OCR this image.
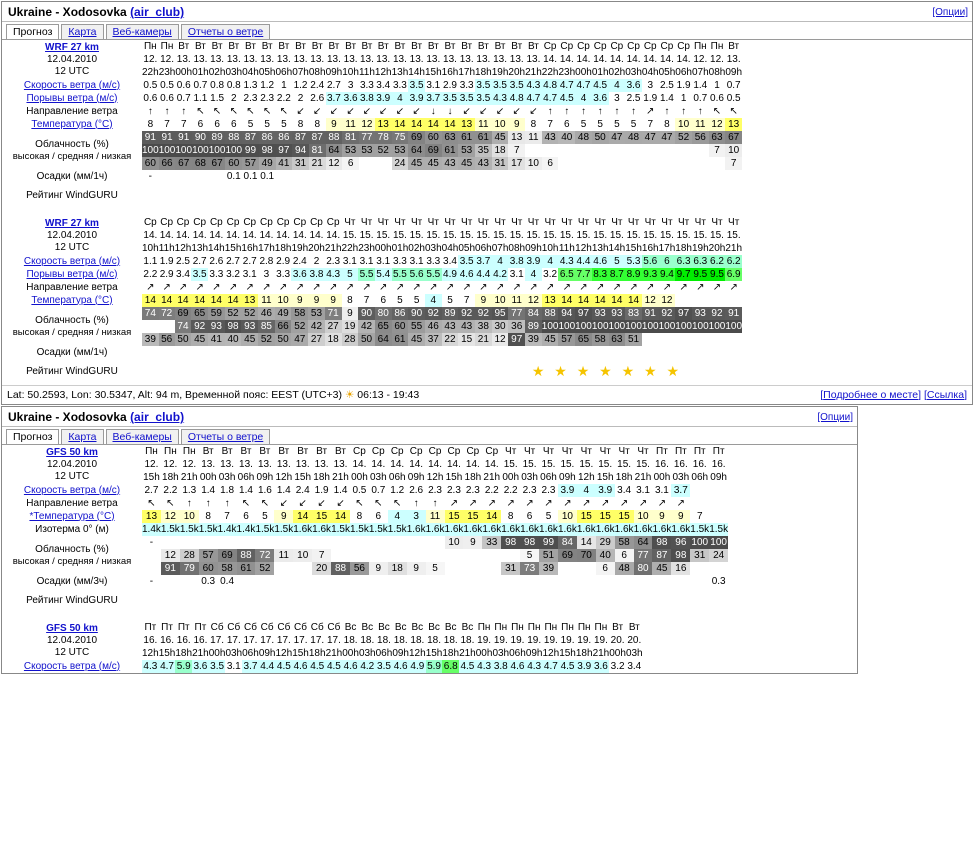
Ukraine - Xodosovka (air_club)	[Опции]
Прогноз	Карта	Веб-камеры	Отчеты о ветре
WRF 27 km
12.04.2010
12 UTC	Пн	Пн	Вт	Вт	Вт	Вт	Вт	Вт	Вт	Вт	Вт	Вт	Вт	Вт	Вт	Вт	Вт	Вт	Вт	Вт	Вт	Вт	Вт	Вт	Ср	Ср	Ср	Ср	Ср	Ср	Ср	Ср	Ср	Пн	Пн	Вт
	12.	12.	13.	13.	13.	13.	13.	13.	13.	13.	13.	13.	13.	13.	13.	13.	13.	13.	13.	13.	13.	13.	13.	13.	14.	14.	14.	14.	14.	14.	14.	14.	14.	12.	12.	13.
	22h	23h	00h	01h	02h	03h	04h	05h	06h	07h	08h	09h	10h	11h	12h	13h	14h	15h	16h	17h	18h	19h	20h	21h	22h	23h	00h	01h	02h	03h	04h	05h	06h	07h	08h	09h
Скорость ветра (м/с)	0.5	0.5	0.6	0.7	0.8	0.8	1.3	1.2	1	1.2	2.4	2.7	3	3.3	3.4	3.3	3.5	3.1	2.9	3.3	3.5	3.5	3.5	4.3	4.8	4.7	4.7	4.5	4	3.6	3	2.5	1.9	1.4	1	0.7
Порывы ветра (м/с)	0.6	0.6	0.7	1.1	1.5	2	2.3	2.3	2.2	2	2.6	3.7	3.6	3.8	3.9	4	3.9	3.7	3.5	3.5	3.5	4.3	4.8	4.7	4.7	4.5	4	3.6	3	2.5	1.9	1.4	1	0.7	0.6	0.5
Направление ветра	↑	↑	↑	↖	↖	↖	↖	↖	↖	↙	↙	↙	↙	↙	↙	↙	↙	↓	↓	↙	↙	↙	↙	↙	↑	↑	↑	↑	↑	↑	↗	↑	↑	↑	↖	↖
Температура (°C)	8	7	7	6	6	6	5	5	5	8	8	9	11	12	13	14	14	14	14	13	11	10	9	8	7	6	5	5	5	5	7	8	10	11	12	13
Облачность (%)
высокая / средняя / низкая	91	91	91	90	89	88	87	86	86	87	87	88	81	77	78	75	69	60	63	61	61	45	13	11	43	40	48	50	47	48	47	47	52	56	63	67
	100	100	100	100	100	100	99	98	97	94	81	64	53	53	52	53	64	69	61	53	35	18	7												7	10
	60	66	67	68	67	60	57	49	41	31	21	12	6			24	45	45	43	45	43	31	17	10	6											7
Осадки (мм/1ч)	-					0.1	0.1	0.1																												
Рейтинг WindGURU																																				
WRF 27 km
12.04.2010
12 UTC	Ср	Ср	Ср	Ср	Ср	Ср	Ср	Ср	Ср	Ср	Ср	Ср	Чт	Чт	Чт	Чт	Чт	Чт	Чт	Чт	Чт	Чт	Чт	Чт	Чт	Чт	Чт	Чт	Чт	Чт	Чт	Чт	Чт	Чт	Чт	Чт
	14.	14.	14.	14.	14.	14.	14.	14.	14.	14.	14.	14.	15.	15.	15.	15.	15.	15.	15.	15.	15.	15.	15.	15.	15.	15.	15.	15.	15.	15.	15.	15.	15.	15.	15.	15.
	10h	11h	12h	13h	14h	15h	16h	17h	18h	19h	20h	21h	22h	23h	00h	01h	02h	03h	04h	05h	06h	07h	08h	09h	10h	11h	12h	13h	14h	15h	16h	17h	18h	19h	20h	21h
Скорость ветра (м/с)	1.1	1.9	2.5	2.7	2.6	2.7	2.7	2.8	2.9	2.4	2	2.3	3.1	3.1	3.1	3.3	3.1	3.3	3.4	3.5	3.7	4	3.8	3.9	4	4.3	4.4	4.6	5	5.3	5.6	6	6.3	6.3	6.2	6.2
Порывы ветра (м/с)	2.2	2.9	3.4	3.5	3.3	3.2	3.1	3	3.3	3.6	3.8	4.3	5	5.5	5.4	5.5	5.6	5.5	4.9	4.6	4.4	4.2	3.1	4	3.2	6.5	7.7	8.3	8.7	8.9	9.3	9.4	9.7	9.5	9.5	6.9
Направление ветра	↗	↗	↗	↗	↗	↗	↗	↗	↗	↗	↗	↗	↗	↗	↗	↗	↗	↗	↗	↗	↗	↗	↗	↗	↗	↗	↗	↗	↗	↗	↗	↗	↗	↗	↗	↗
Температура (°C)	14	14	14	14	14	14	13	11	10	9	9	9	8	7	6	5	5	4	5	7	9	10	11	12	13	14	14	14	14	14	12	12				
Облачность (%)
высокая / средняя / низкая	74	72	69	65	59	52	52	46	49	58	53	71	9	90	80	86	90	92	89	92	92	95	77	84	88	94	97	93	93	83	91	92	97	93	92	91
			74	92	93	98	93	85	66	52	42	27	19	42	65	60	55	46	43	43	38	30	36	89	100	100	100	100	100	100	100	100	100	100	100	100
	39	56	50	45	41	40	45	52	50	47	27	18	28	50	64	61	45	37	22	15	21	12	97	39	45	57	65	58	63	51						
Осадки (мм/1ч)																																				
Рейтинг WindGURU	★ ★ ★ ★ ★ ★ ★																																			
Lat: 50.2593, Lon: 30.5347, Alt: 94 m, Временной пояс: EEST (UTC+3) ☀ 06:13 - 19:43	[Подробнее о месте] [Ссылка]
Ukraine - Xodosovka (air_club)	[Опции]
Прогноз	Карта	Веб-камеры	Отчеты о ветре
GFS 50 km
12.04.2010
12 UTC	Пн	Пн	Пн	Вт	Вт	Вт	Вт	Вт	Вт	Вт	Вт	Ср	Ср	Ср	Ср	Ср	Ср	Ср	Ср	Чт	Чт	Чт	Чт	Чт	Чт	Чт	Чт	Пт	Пт	Пт	Пт
	12.	12.	12.	13.	13.	13.	13.	13.	13.	13.	13.	14.	14.	14.	14.	14.	14.	14.	14.	15.	15.	15.	15.	15.	15.	15.	15.	16.	16.	16.	16.
	15h	18h	21h	00h	03h	06h	09h	12h	15h	18h	21h	00h	03h	06h	09h	12h	15h	18h	21h	00h	03h	06h	09h	12h	15h	18h	21h	00h	03h	06h	09h
Скорость ветра (м/с)	2.7	2.2	1.3	1.4	1.8	1.4	1.6	1.4	2.4	1.9	1.4	0.5	0.7	1.2	2.6	2.3	2.3	2.3	2.2	2.2	2.3	2.3	3.9	4	3.9	3.4	3.1	3.1	3.7		
Направление ветра	↖	↖	↑	↑	↑	↖	↖	↙	↙	↙	↙	↖	↖	↖	↑	↑	↗	↗	↗	↗	↗	↗	↗	↗	↗	↗	↗	↗	↗		
*Температура (°C)	13	12	10	8	7	6	5	9	14	15	14	8	6	4	3	11	15	15	14	8	6	5	10	15	15	15	10	9	9	7	
Изотерма 0° (м)	1.4k	1.5k	1.5k	1.5k	1.4k	1.4k	1.5k	1.5k	1.6k	1.6k	1.5k	1.5k	1.5k	1.5k	1.6k	1.6k	1.6k	1.6k	1.6k	1.6k	1.6k	1.6k	1.6k	1.6k	1.6k	1.6k	1.6k	1.6k	1.6k	1.5k	1.5k
Облачность (%)
высокая / средняя / низкая	-																10	9	33	98	98	99	84	14	29	58	64	98	96	100	100
		12	28	57	69	88	72	11	10	7											5	51	69	70	40	6	77	87	98	31	24
		91	79	60	58	61	52			20	88	56	9	18	9	5				31	73	39			6	48	80	45	16		
Осадки (мм/3ч)	-			0.3	0.4																										0.3
Рейтинг WindGURU																															
GFS 50 km
12.04.2010
12 UTC	Пт	Пт	Пт	Пт	Сб	Сб	Сб	Сб	Сб	Сб	Сб	Сб	Вс	Вс	Вс	Вс	Вс	Вс	Вс	Вс	Пн	Пн	Пн	Пн	Пн	Пн	Пн	Пн	Вт	Вт
	16.	16.	16.	16.	17.	17.	17.	17.	17.	17.	17.	17.	18.	18.	18.	18.	18.	18.	18.	18.	19.	19.	19.	19.	19.	19.	19.	19.	20.	20.
	12h	15h	18h	21h	00h	03h	06h	09h	12h	15h	18h	21h	00h	03h	06h	09h	12h	15h	18h	21h	00h	03h	06h	09h	12h	15h	18h	21h	00h	03h
Скорость ветра (м/с)	4.3	4.7	5.9	3.6	3.5	3.1	3.7	4.4	4.5	4.6	4.5	4.5	4.6	4.2	3.5	4.6	4.9	5.9	6.8	4.5	4.3	3.8	4.6	4.3	4.7	4.5	3.9	3.6	3.2	3.4
